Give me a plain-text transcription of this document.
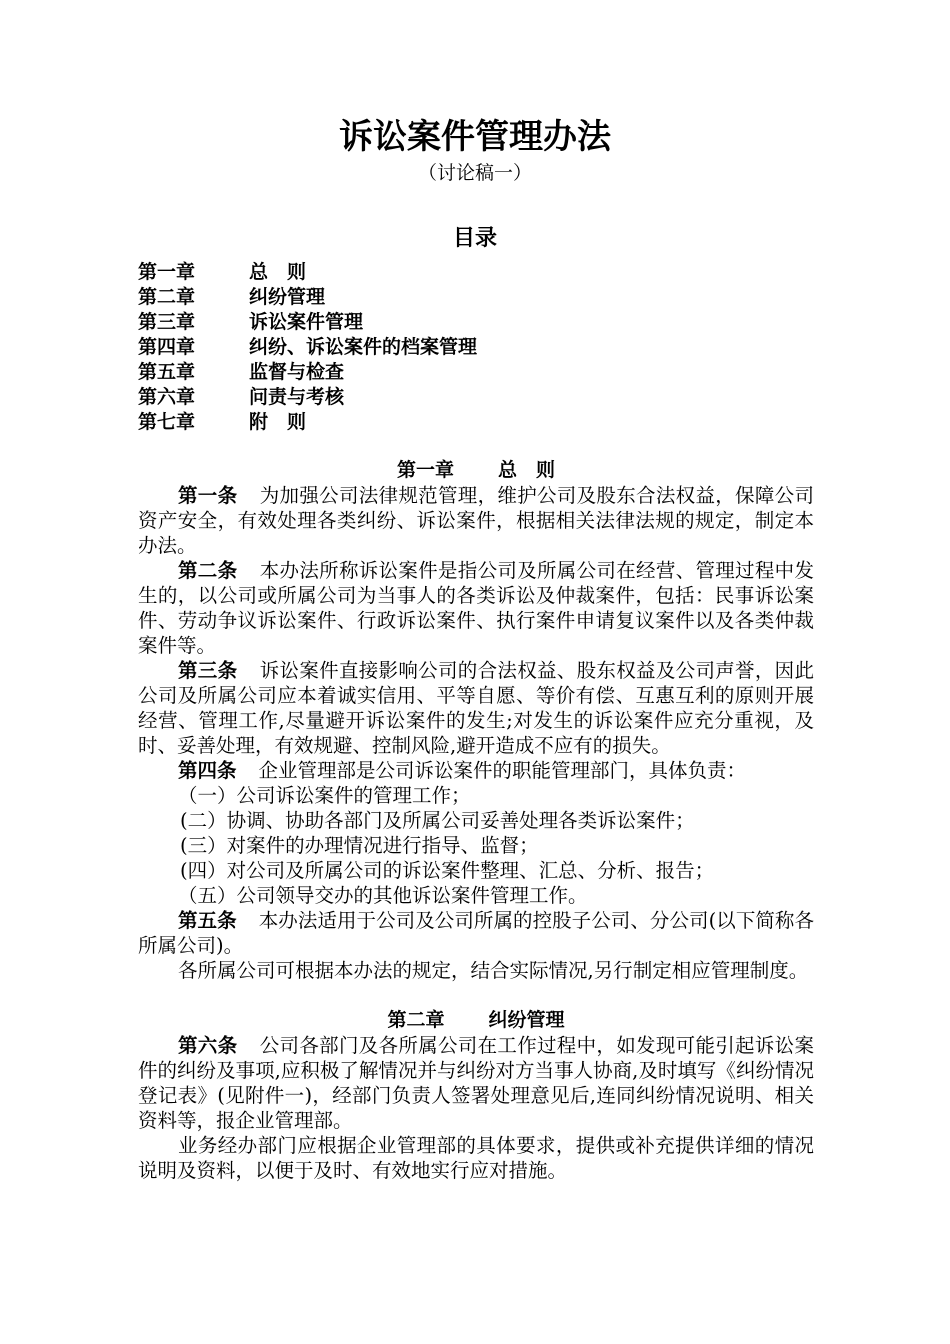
诉讼案件管理办法
（讨论稿一）
目录
第一章	总　则
第二章	纠纷管理
第三章	诉讼案件管理
第四章	纠纷、诉讼案件的档案管理
第五章	监督与检查
第六章	问责与考核
第七章	附　则

第一章 总　则

第一条 为加强公司法律规范管理，维护公司及股东合法权益，保障公司资产安全，有效处理各类纠纷、诉讼案件，根据相关法律法规的规定，制定本办法。

第二条 本办法所称诉讼案件是指公司及所属公司在经营、管理过程中发生的，以公司或所属公司为当事人的各类诉讼及仲裁案件，包括：民事诉讼案件、劳动争议诉讼案件、行政诉讼案件、执行案件申请复议案件以及各类仲裁案件等。

第三条 诉讼案件直接影响公司的合法权益、股东权益及公司声誉，因此公司及所属公司应本着诚实信用、平等自愿、等价有偿、互惠互利的原则开展经营、管理工作,尽量避开诉讼案件的发生;对发生的诉讼案件应充分重视，及时、妥善处理，有效规避、控制风险,避开造成不应有的损失。

第四条 企业管理部是公司诉讼案件的职能管理部门，具体负责：

（一）公司诉讼案件的管理工作；

(二）协调、协助各部门及所属公司妥善处理各类诉讼案件；

(三）对案件的办理情况进行指导、监督；

(四）对公司及所属公司的诉讼案件整理、汇总、分析、报告；

（五）公司领导交办的其他诉讼案件管理工作。

第五条 本办法适用于公司及公司所属的控股子公司、分公司(以下简称各所属公司)。

各所属公司可根据本办法的规定，结合实际情况,另行制定相应管理制度。

第二章 纠纷管理

第六条 公司各部门及各所属公司在工作过程中，如发现可能引起诉讼案件的纠纷及事项,应积极了解情况并与纠纷对方当事人协商,及时填写《纠纷情况登记表》(见附件一)，经部门负责人签署处理意见后,连同纠纷情况说明、相关资料等，报企业管理部。

业务经办部门应根据企业管理部的具体要求，提供或补充提供详细的情况说明及资料，以便于及时、有效地实行应对措施。
